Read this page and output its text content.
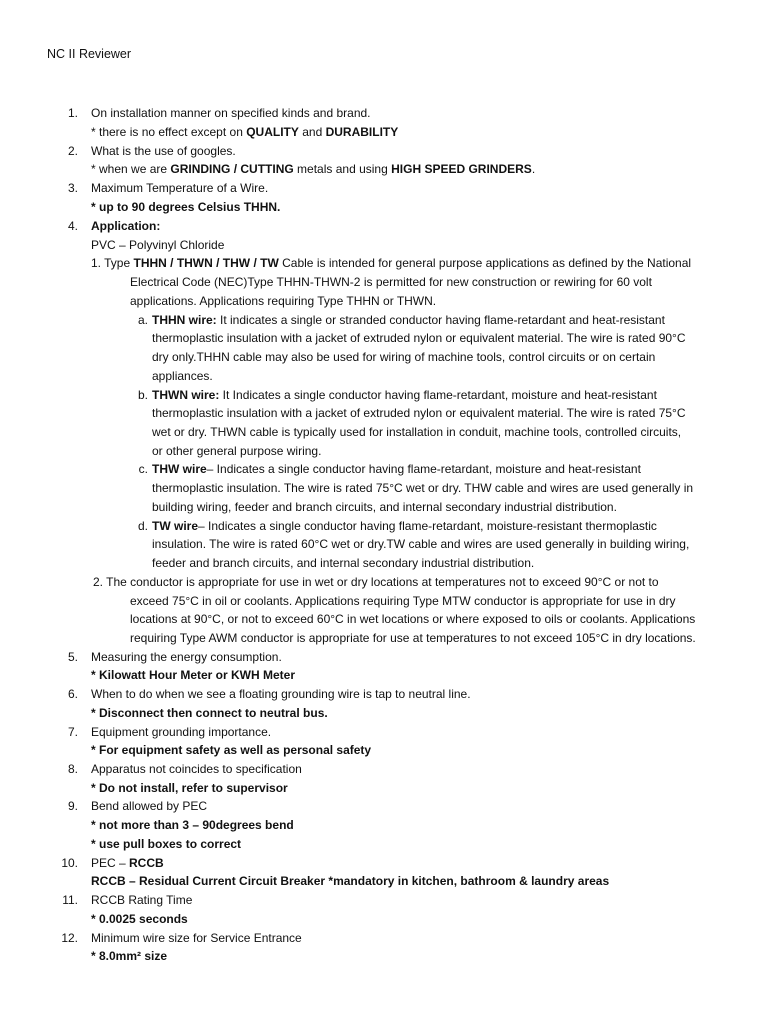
NC II Reviewer
1. On installation manner on specified kinds and brand.
* there is no effect except on QUALITY and DURABILITY
2. What is the use of googles.
* when we are GRINDING / CUTTING metals and using HIGH SPEED GRINDERS.
3. Maximum Temperature of a Wire.
* up to 90 degrees Celsius THHN.
4. Application:
PVC – Polyvinyl Chloride
1. Type THHN / THWN / THW / TW Cable is intended for general purpose applications as defined by the National
Electrical Code (NEC)Type THHN-THWN-2 is permitted for new construction or rewiring for 60 volt
applications. Applications requiring Type THHN or THWN.
a. THHN wire: It indicates a single or stranded conductor having flame-retardant and heat-resistant
thermoplastic insulation with a jacket of extruded nylon or equivalent material. The wire is rated 90°C
dry only.THHN cable may also be used for wiring of machine tools, control circuits or on certain
appliances.
b. THWN wire: It Indicates a single conductor having flame-retardant, moisture and heat-resistant
thermoplastic insulation with a jacket of extruded nylon or equivalent material. The wire is rated 75°C
wet or dry. THWN cable is typically used for installation in conduit, machine tools, controlled circuits,
or other general purpose wiring.
c. THW wire– Indicates a single conductor having flame-retardant, moisture and heat-resistant
thermoplastic insulation. The wire is rated 75°C wet or dry. THW cable and wires are used generally in
building wiring, feeder and branch circuits, and internal secondary industrial distribution.
d. TW wire– Indicates a single conductor having flame-retardant, moisture-resistant thermoplastic
insulation. The wire is rated 60°C wet or dry.TW cable and wires are used generally in building wiring,
feeder and branch circuits, and internal secondary industrial distribution.
2. The conductor is appropriate for use in wet or dry locations at temperatures not to exceed 90°C or not to
exceed 75°C in oil or coolants. Applications requiring Type MTW conductor is appropriate for use in dry
locations at 90°C, or not to exceed 60°C in wet locations or where exposed to oils or coolants. Applications
requiring Type AWM conductor is appropriate for use at temperatures to not exceed 105°C in dry locations.
5. Measuring the energy consumption.
* Kilowatt Hour Meter or KWH Meter
6. When to do when we see a floating grounding wire is tap to neutral line.
* Disconnect then connect to neutral bus.
7. Equipment grounding importance.
* For equipment safety as well as personal safety
8. Apparatus not coincides to specification
* Do not install, refer to supervisor
9. Bend allowed by PEC
* not more than 3 – 90degrees bend
* use pull boxes to correct
10. PEC – RCCB
RCCB – Residual Current Circuit Breaker *mandatory in kitchen, bathroom & laundry areas
11. RCCB Rating Time
* 0.0025 seconds
12. Minimum wire size for Service Entrance
* 8.0mm² size
